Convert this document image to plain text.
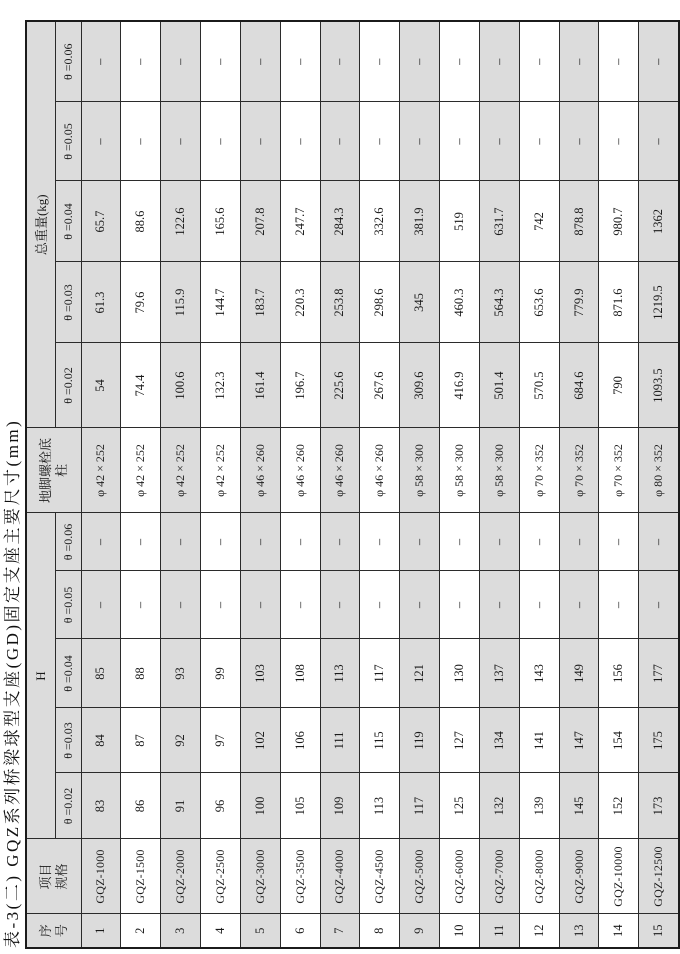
表-3(二) GQZ系列桥梁球型支座(GD)固定支座主要尺寸(mm) 序号	项目规格	H					地脚螺栓底柱	总重量(kg)				
		θ =0.02	θ =0.03	θ =0.04	θ =0.05	θ =0.06		θ =0.02	θ =0.03	θ =0.04	θ =0.05	θ =0.06
1	GQZ-1000	83	84	85	–	–	φ 42 × 252	54	61.3	65.7	–	–
2	GQZ-1500	86	87	88	–	–	φ 42 × 252	74.4	79.6	88.6	–	–
3	GQZ-2000	91	92	93	–	–	φ 42 × 252	100.6	115.9	122.6	–	–
4	GQZ-2500	96	97	99	–	–	φ 42 × 252	132.3	144.7	165.6	–	–
5	GQZ-3000	100	102	103	–	–	φ 46 × 260	161.4	183.7	207.8	–	–
6	GQZ-3500	105	106	108	–	–	φ 46 × 260	196.7	220.3	247.7	–	–
7	GQZ-4000	109	111	113	–	–	φ 46 × 260	225.6	253.8	284.3	–	–
8	GQZ-4500	113	115	117	–	–	φ 46 × 260	267.6	298.6	332.6	–	–
9	GQZ-5000	117	119	121	–	–	φ 58 × 300	309.6	345	381.9	–	–
10	GQZ-6000	125	127	130	–	–	φ 58 × 300	416.9	460.3	519	–	–
11	GQZ-7000	132	134	137	–	–	φ 58 × 300	501.4	564.3	631.7	–	–
12	GQZ-8000	139	141	143	–	–	φ 70 × 352	570.5	653.6	742	–	–
13	GQZ-9000	145	147	149	–	–	φ 70 × 352	684.6	779.9	878.8	–	–
14	GQZ-10000	152	154	156	–	–	φ 70 × 352	790	871.6	980.7	–	–
15	GQZ-12500	173	175	177	–	–	φ 80 × 352	1093.5	1219.5	1362	–	–
